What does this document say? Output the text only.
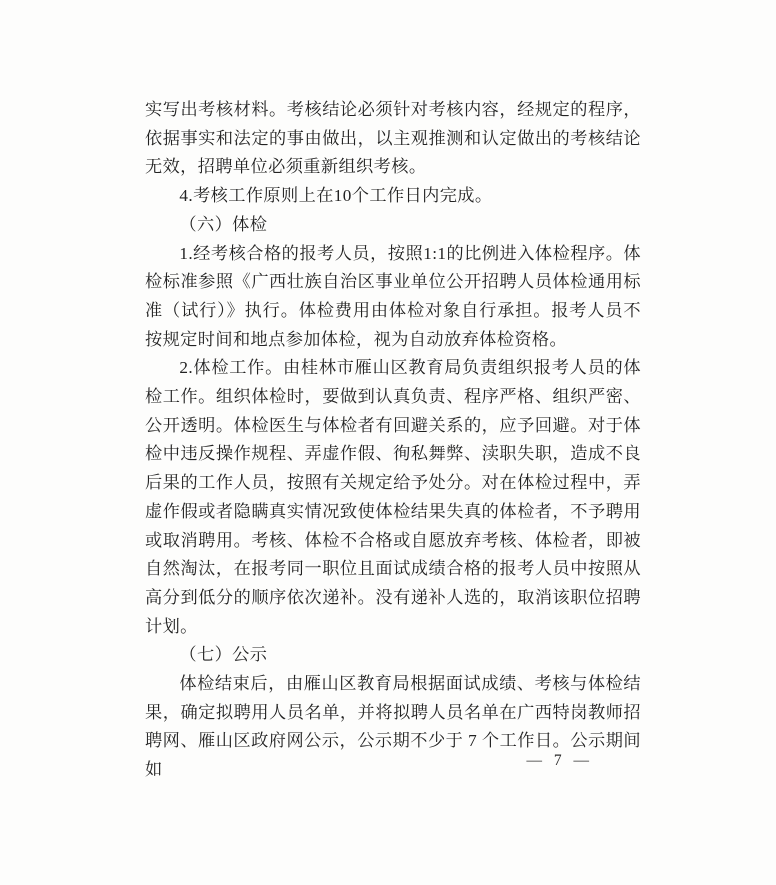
实写出考核材料。考核结论必须针对考核内容，经规定的程序，
依据事实和法定的事由做出，以主观推测和认定做出的考核结论
无效，招聘单位必须重新组织考核。
4.考核工作原则上在10个工作日内完成。
（六）体检
1.经考核合格的报考人员，按照1:1的比例进入体检程序。体
检标准参照《广西壮族自治区事业单位公开招聘人员体检通用标
准（试行）》执行。体检费用由体检对象自行承担。报考人员不
按规定时间和地点参加体检，视为自动放弃体检资格。
2.体检工作。由桂林市雁山区教育局负责组织报考人员的体
检工作。组织体检时，要做到认真负责、程序严格、组织严密、
公开透明。体检医生与体检者有回避关系的，应予回避。对于体
检中违反操作规程、弄虚作假、徇私舞弊、渎职失职，造成不良
后果的工作人员，按照有关规定给予处分。对在体检过程中，弄
虚作假或者隐瞒真实情况致使体检结果失真的体检者，不予聘用
或取消聘用。考核、体检不合格或自愿放弃考核、体检者，即被
自然淘汰，在报考同一职位且面试成绩合格的报考人员中按照从
高分到低分的顺序依次递补。没有递补人选的，取消该职位招聘
计划。
（七）公示
体检结束后，由雁山区教育局根据面试成绩、考核与体检结
果，确定拟聘用人员名单，并将拟聘人员名单在广西特岗教师招
聘网、雁山区政府网公示，公示期不少于 7 个工作日。公示期间如	— 7 —
